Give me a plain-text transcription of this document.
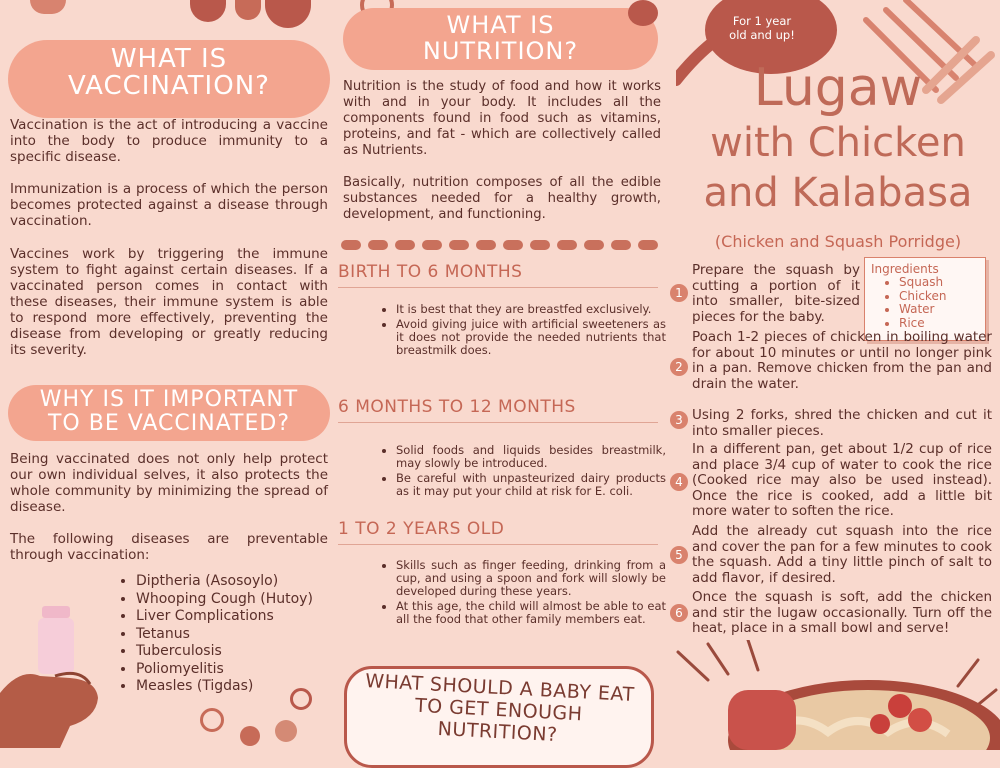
WHAT IS VACCINATION?
Vaccination is the act of introducing a vaccine into the body to produce immunity to a specific disease.
Immunization is a process of which the person becomes protected against a disease through vaccination.
Vaccines work by triggering the immune system to fight against certain diseases. If a vaccinated person comes in contact with these diseases, their immune system is able to respond more effectively, preventing the disease from developing or greatly reducing its severity.
WHY IS IT IMPORTANT TO BE VACCINATED?
Being vaccinated does not only help protect our own individual selves, it also protects the whole community by minimizing the spread of disease.
The following diseases are preventable through vaccination:
• Diptheria (Asosoylo)
• Whooping Cough (Hutoy)
• Liver Complications
• Tetanus
• Tuberculosis
• Poliomyelitis
• Measles (Tigdas)
WHAT IS NUTRITION?
Nutrition is the study of food and how it works with and in your body. It includes all the components found in food such as vitamins, proteins, and fat - which are collectively called as Nutrients.
Basically, nutrition composes of all the edible substances needed for a healthy growth, development, and functioning.
BIRTH TO 6 MONTHS
• It is best that they are breastfed exclusively.
• Avoid giving juice with artificial sweeteners as it does not provide the needed nutrients that breastmilk does.
6 MONTHS TO 12 MONTHS
• Solid foods and liquids besides breastmilk, may slowly be introduced.
• Be careful with unpasteurized dairy products as it may put your child at risk for E. coli.
1 TO 2 YEARS OLD
• Skills such as finger feeding, drinking from a cup, and using a spoon and fork will slowly be developed during these years.
• At this age, the child will almost be able to eat all the food that other family members eat.
WHAT SHOULD A BABY EAT TO GET ENOUGH NUTRITION?
For 1 year old and up!
Lugaw
with Chicken
and Kalabasa
(Chicken and Squash Porridge)
Ingredients
• Squash
• Chicken
• Water
• Rice
1
Prepare the squash by cutting a portion of it into smaller, bite-sized pieces for the baby.
2
Poach 1-2 pieces of chicken in boiling water for about 10 minutes or until no longer pink in a pan. Remove chicken from the pan and drain the water.
3 Using 2 forks, shred the chicken and cut it into smaller pieces.
4
In a different pan, get about 1/2 cup of rice and place 3/4 cup of water to cook the rice (Cooked rice may also be used instead). Once the rice is cooked, add a little bit more water to soften the rice.
5
Add the already cut squash into the rice and cover the pan for a few minutes to cook the squash. Add a tiny little pinch of salt to add flavor, if desired.
6
Once the squash is soft, add the chicken and stir the lugaw occasionally. Turn off the heat, place in a small bowl and serve!
